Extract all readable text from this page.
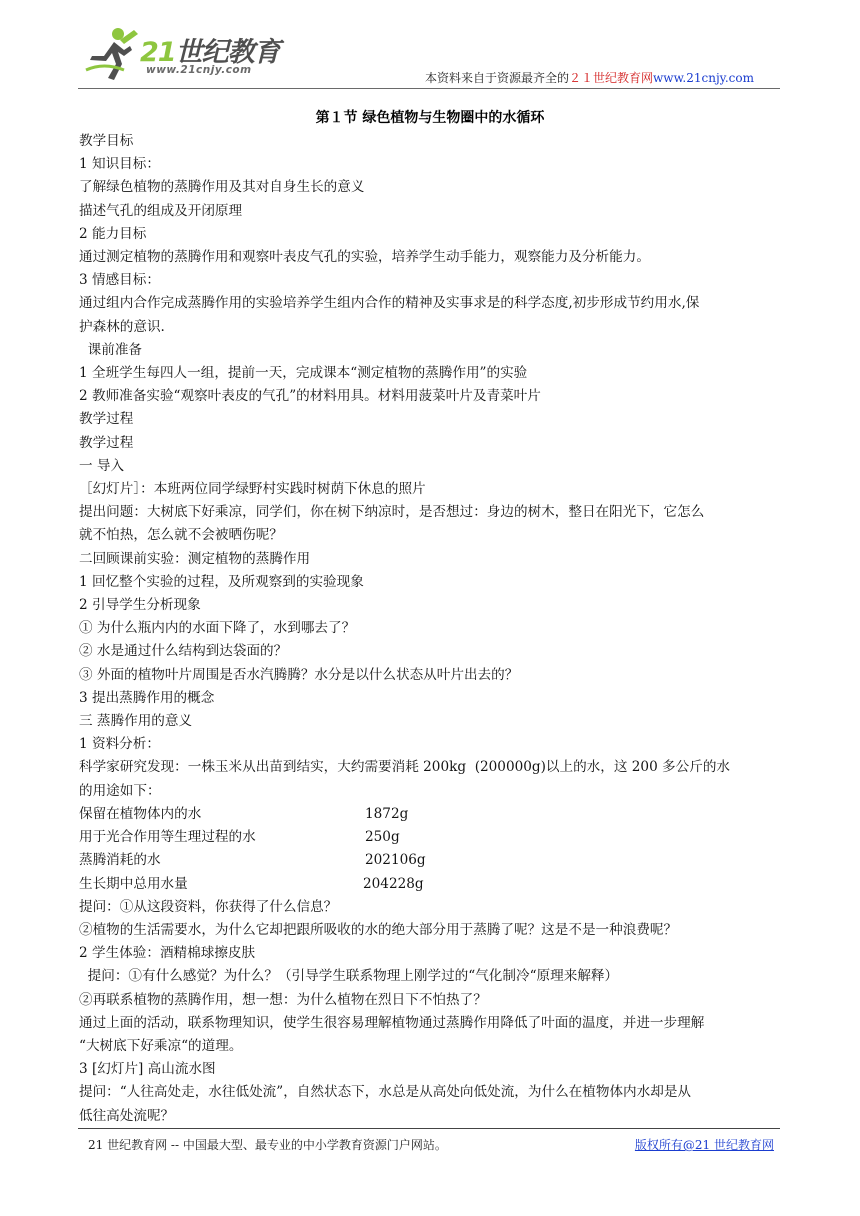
21世纪教育
www.21cnjy.com
本资料来自于资源最齐全的２１世纪教育网www.21cnjy.com
第１节 绿色植物与生物圈中的水循环
教学目标
1 知识目标：
了解绿色植物的蒸腾作用及其对自身生长的意义
描述气孔的组成及开闭原理
2 能力目标
通过测定植物的蒸腾作用和观察叶表皮气孔的实验，培养学生动手能力，观察能力及分析能力。
3 情感目标：
通过组内合作完成蒸腾作用的实验培养学生组内合作的精神及实事求是的科学态度,初步形成节约用水,保
护森林的意识.
课前准备
1 全班学生每四人一组，提前一天，完成课本“测定植物的蒸腾作用”的实验
2 教师准备实验“观察叶表皮的气孔”的材料用具。材料用菠菜叶片及青菜叶片
教学过程
教学过程
一 导入
［幻灯片］：本班两位同学绿野村实践时树荫下休息的照片
提出问题：大树底下好乘凉，同学们，你在树下纳凉时，是否想过：身边的树木，整日在阳光下，它怎么
就不怕热，怎么就不会被晒伤呢？
二回顾课前实验：测定植物的蒸腾作用
1 回忆整个实验的过程，及所观察到的实验现象
2 引导学生分析现象
① 为什么瓶内内的水面下降了，水到哪去了？
② 水是通过什么结构到达袋面的？
③ 外面的植物叶片周围是否水汽腾腾？水分是以什么状态从叶片出去的？
3 提出蒸腾作用的概念
三 蒸腾作用的意义
1 资料分析：
科学家研究发现：一株玉米从出苗到结实，大约需要消耗 200kg  (200000g)以上的水，这 200 多公斤的水
的用途如下：
保留在植物体内的水	1872g
用于光合作用等生理过程的水	250g
蒸腾消耗的水	202106g
生长期中总用水量	204228g
提问：①从这段资料，你获得了什么信息？
②植物的生活需要水，为什么它却把跟所吸收的水的绝大部分用于蒸腾了呢？这是不是一种浪费呢？
2 学生体验：酒精棉球擦皮肤
提问：①有什么感觉？为什么？（引导学生联系物理上刚学过的“气化制冷“原理来解释）
②再联系植物的蒸腾作用，想一想：为什么植物在烈日下不怕热了？
通过上面的活动，联系物理知识，使学生很容易理解植物通过蒸腾作用降低了叶面的温度，并进一步理解
“大树底下好乘凉“的道理。
3 [幻灯片] 高山流水图
提问：“人往高处走，水往低处流”，自然状态下，水总是从高处向低处流，为什么在植物体内水却是从
低往高处流呢？
21 世纪教育网 -- 中国最大型、最专业的中小学教育资源门户网站。	版权所有@21 世纪教育网
